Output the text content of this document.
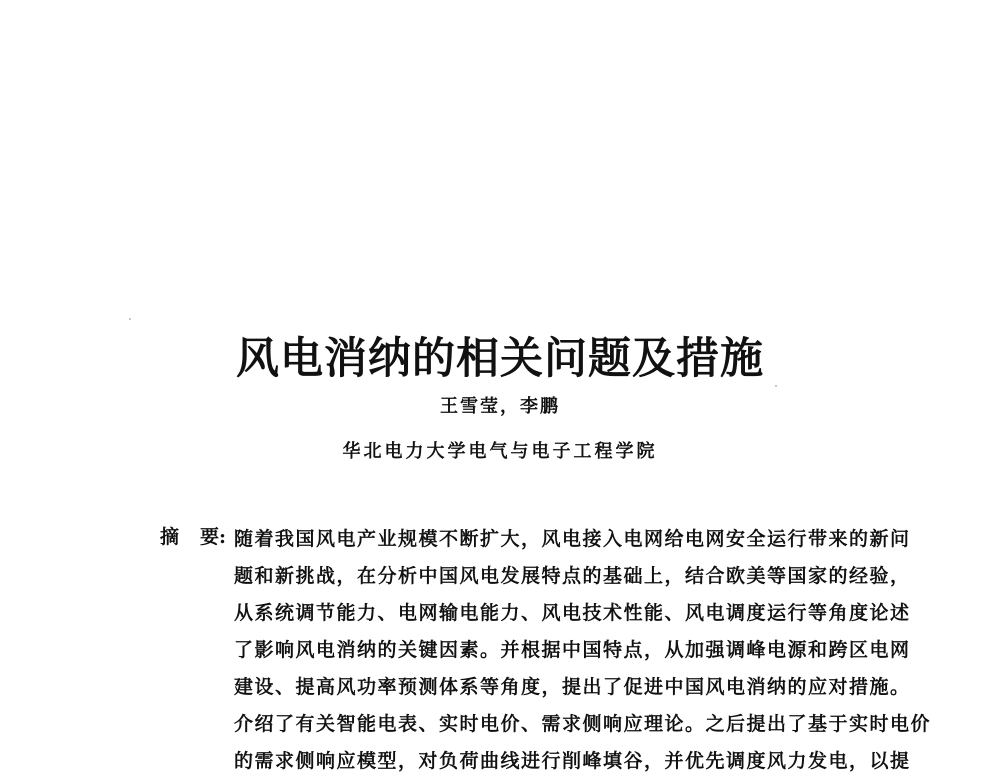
风电消纳的相关问题及措施
王雪莹，李鹏
华北电力大学电气与电子工程学院
摘 要: 随着我国风电产业规模不断扩大，风电接入电网给电网安全运行带来的新问
题和新挑战，在分析中国风电发展特点的基础上，结合欧美等国家的经验，
从系统调节能力、电网输电能力、风电技术性能、风电调度运行等角度论述
了影响风电消纳的关键因素。并根据中国特点，从加强调峰电源和跨区电网
建设、提高风功率预测体系等角度，提出了促进中国风电消纳的应对措施。
介绍了有关智能电表、实时电价、需求侧响应理论。之后提出了基于实时电价
的需求侧响应模型，对负荷曲线进行削峰填谷，并优先调度风力发电，以提
